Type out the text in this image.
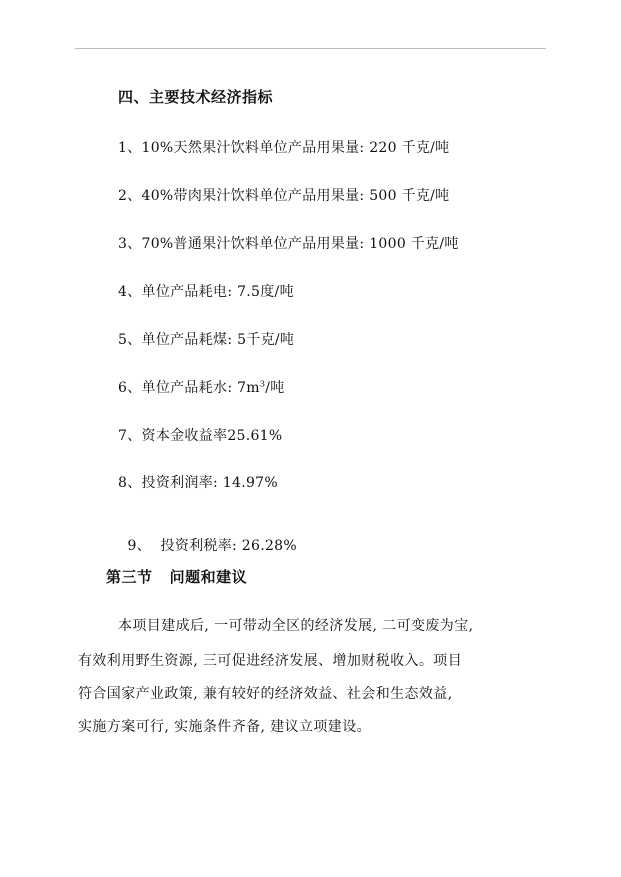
四、主要技术经济指标
1、10%天然果汁饮料单位产品用果量: 220 千克/吨
2、40%带肉果汁饮料单位产品用果量: 500 千克/吨
3、70%普通果汁饮料单位产品用果量: 1000 千克/吨
4、单位产品耗电: 7.5度/吨
5、单位产品耗煤: 5千克/吨
6、单位产品耗水: $7m^3/$吨
7、资本金收益率25.61%
8、投资利润率: 14.97%

9、  投资利税率: 26.28%

第三节   问题和建议
本项目建成后, 一可带动全区的经济发展, 二可变废为宝,
有效利用野生资源, 三可促进经济发展、增加财税收入。项目
符合国家产业政策, 兼有较好的经济效益、社会和生态效益,
实施方案可行, 实施条件齐备, 建议立项建设。
